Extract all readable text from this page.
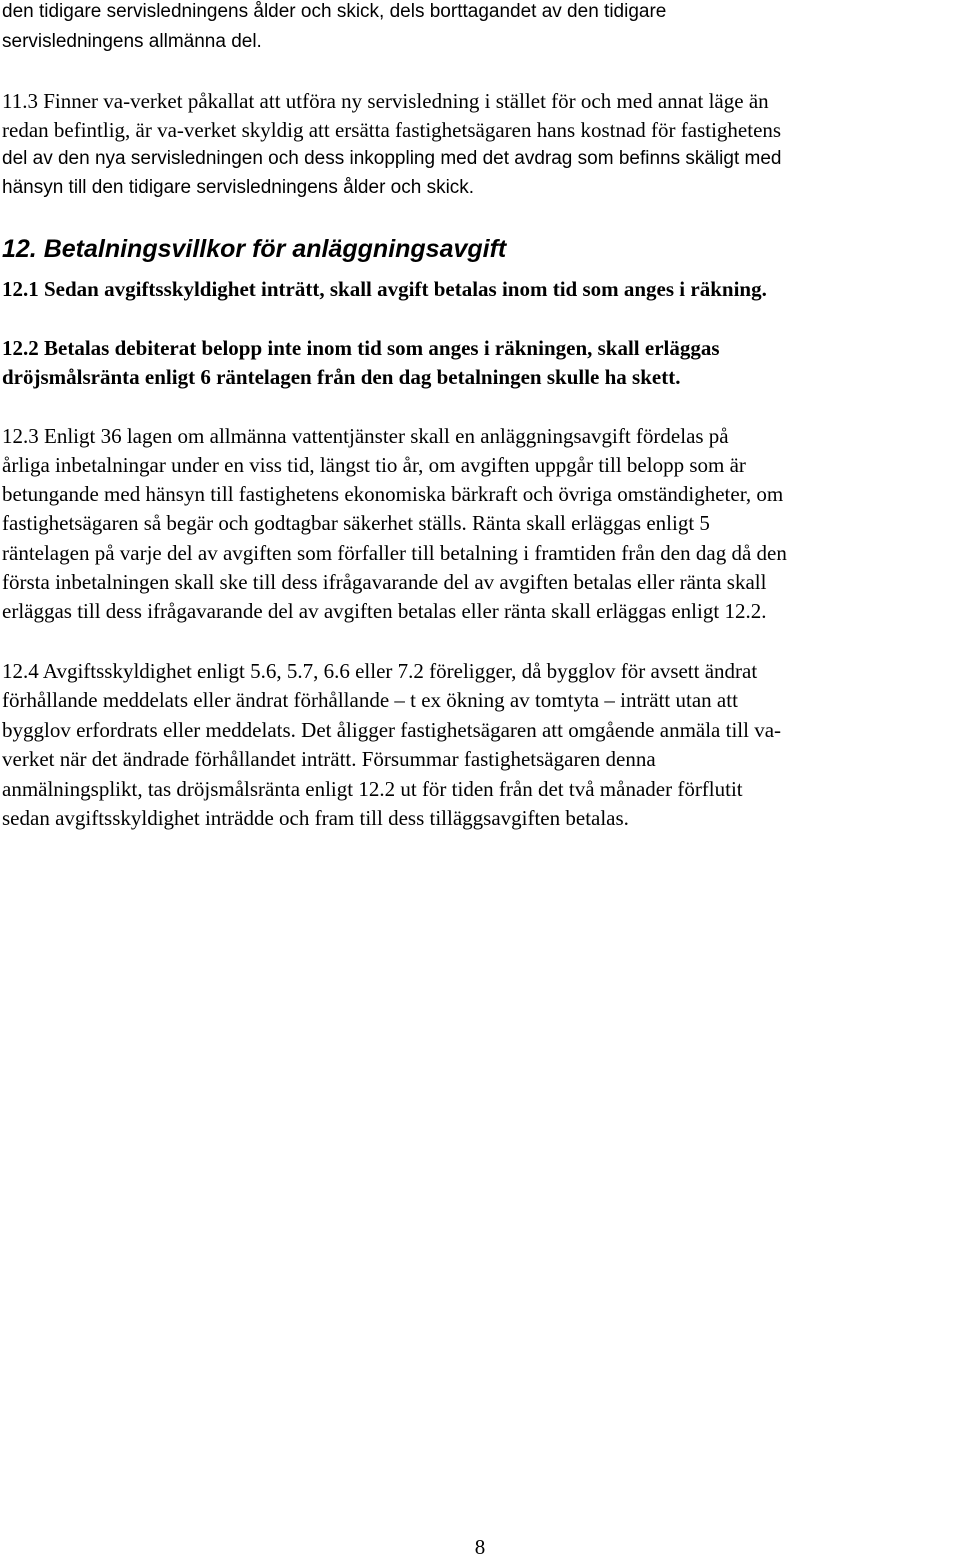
den tidigare servisledningens ålder och skick, dels borttagandet av den tidigare
servisledningens allmänna del.
11.3 Finner va-verket påkallat att utföra ny servisledning i stället för och med annat läge än
redan befintlig, är va-verket skyldig att ersätta fastighetsägaren hans kostnad för fastighetens
del av den nya servisledningen och dess inkoppling med det avdrag som befinns skäligt med
hänsyn till den tidigare servisledningens ålder och skick.
12. Betalningsvillkor för anläggningsavgift
12.1 Sedan avgiftsskyldighet inträtt, skall avgift betalas inom tid som anges i räkning.
12.2 Betalas debiterat belopp inte inom tid som anges i räkningen, skall erläggas
dröjsmålsränta enligt 6 räntelagen från den dag betalningen skulle ha skett.
12.3 Enligt 36 lagen om allmänna vattentjänster skall en anläggningsavgift fördelas på
årliga inbetalningar under en viss tid, längst tio år, om avgiften uppgår till belopp som är
betungande med hänsyn till fastighetens ekonomiska bärkraft och övriga omständigheter, om
fastighetsägaren så begär och godtagbar säkerhet ställs. Ränta skall erläggas enligt 5
räntelagen på varje del av avgiften som förfaller till betalning i framtiden från den dag då den
första inbetalningen skall ske till dess ifrågavarande del av avgiften betalas eller ränta skall
erläggas till dess ifrågavarande del av avgiften betalas eller ränta skall erläggas enligt 12.2.
12.4 Avgiftsskyldighet enligt 5.6, 5.7, 6.6 eller 7.2 föreligger, då bygglov för avsett ändrat
förhållande meddelats eller ändrat förhållande – t ex ökning av tomtyta – inträtt utan att
bygglov erfordrats eller meddelats. Det åligger fastighetsägaren att omgående anmäla till va-
verket när det ändrade förhållandet inträtt. Försummar fastighetsägaren denna
anmälningsplikt, tas dröjsmålsränta enligt 12.2 ut för tiden från det två månader förflutit
sedan avgiftsskyldighet inträdde och fram till dess tilläggsavgiften betalas.
8
